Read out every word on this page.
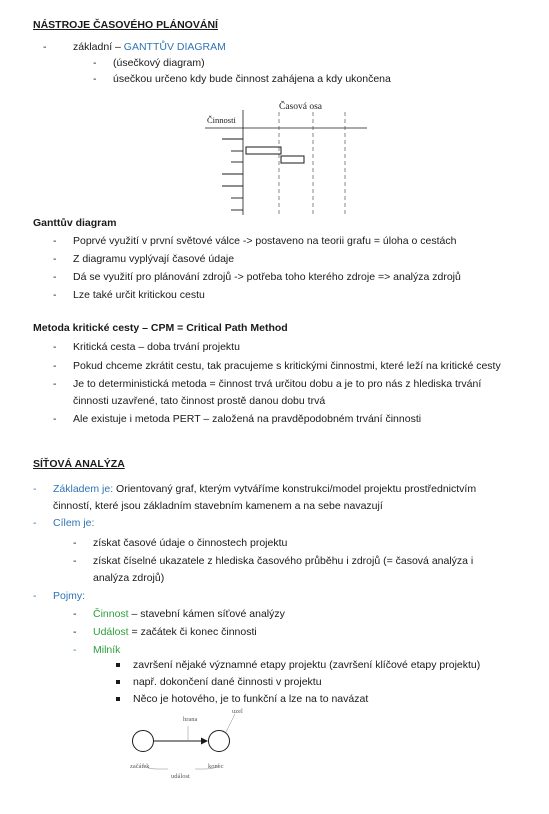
NÁSTROJE ČASOVÉHO PLÁNOVÁNÍ
-	základní – GANTTŮV DIAGRAM
- (úsečkový diagram)
- úsečkou určeno kdy bude činnost zahájena a kdy ukončena
Časová osa
Činnosti
Ganttův diagram
- Poprvé využití v první světové válce -> postaveno na teorii grafu = úloha o cestách
- Z diagramu vyplývají časové údaje
- Dá se využití pro plánování zdrojů -> potřeba toho kterého zdroje => analýza zdrojů
- Lze také určit kritickou cestu
Metoda kritické cesty – CPM = Critical Path Method
- Kritická cesta – doba trvání projektu
- Pokud chceme zkrátit cestu, tak pracujeme s kritickými činnostmi, které leží na kritické cesty
- Je to deterministická metoda = činnost trvá určitou dobu a je to pro nás z hlediska trvání
činnosti uzavřené, tato činnost prostě danou dobu trvá
- Ale existuje i metoda PERT – založená na pravděpodobném trvání činnosti
SÍŤOVÁ ANALÝZA
- Základem je: Orientovaný graf, kterým vytváříme konstrukci/model projektu prostřednictvím
činností, které jsou základním stavebním kamenem a na sebe navazují
- Cílem je:
- získat časové údaje o činnostech projektu
- získat číselné ukazatele z hlediska časového průběhu i zdrojů (= časová analýza i
analýza zdrojů)
- Pojmy:
- Činnost – stavební kámen síťové analýzy
- Událost = začátek či konec činnosti
- Milník
završení nějaké významné etapy projektu (završení klíčové etapy projektu)
např. dokončení dané činnosti v projektu
Něco je hotového, je to funkční a lze na to navázat
uzel
hrana
začátek	konec
událost
